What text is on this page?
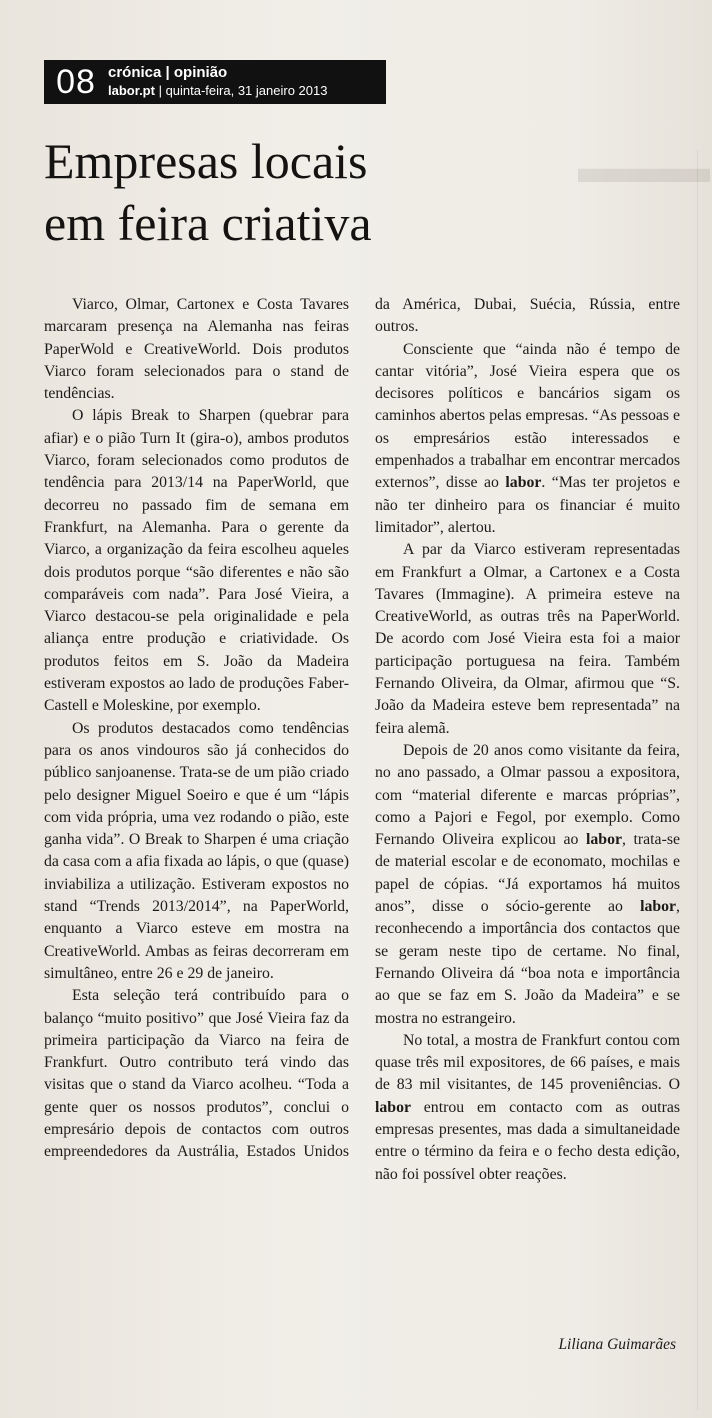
▬▬▬
08 crónica | opinião
labor.pt | quinta-feira, 31 janeiro 2013
Empresas locais
em feira criativa

Viarco, Olmar, Cartonex e Costa Tavares marcaram presença na Alemanha nas feiras PaperWold e CreativeWorld. Dois produtos Viarco foram selecionados para o stand de tendências.

O lápis Break to Sharpen (quebrar para afiar) e o pião Turn It (gira-o), ambos produtos Viarco, foram selecionados como produtos de tendência para 2013/14 na PaperWorld, que decorreu no passado fim de semana em Frankfurt, na Alemanha. Para o gerente da Viarco, a organização da feira escolheu aqueles dois produtos porque “são diferentes e não são comparáveis com nada”. Para José Vieira, a Viarco destacou-se pela originalidade e pela aliança entre produção e criatividade. Os produtos feitos em S. João da Madeira estiveram expostos ao lado de produções Faber-Castell e Moleskine, por exemplo.

Os produtos destacados como tendências para os anos vindouros são já conhecidos do público sanjoanense. Trata-se de um pião criado pelo designer Miguel Soeiro e que é um “lápis com vida própria, uma vez rodando o pião, este ganha vida”. O Break to Sharpen é uma criação da casa com a afia fixada ao lápis, o que (quase) inviabiliza a utilização. Estiveram expostos no stand “Trends 2013/2014”, na PaperWorld, enquanto a Viarco esteve em mostra na CreativeWorld. Ambas as feiras decorreram em simultâneo, entre 26 e 29 de janeiro.

Esta seleção terá contribuído para o balanço “muito positivo” que José Vieira faz da primeira participação da Viarco na feira de Frankfurt. Outro contributo terá vindo das visitas que o stand da Viarco acolheu. “Toda a gente quer os nossos produtos”, conclui o empresário depois de contactos com outros empreendedores da Austrália, Estados Unidos da América, Dubai, Suécia, Rússia, entre outros.

Consciente que “ainda não é tempo de cantar vitória”, José Vieira espera que os decisores políticos e bancários sigam os caminhos abertos pelas empresas. “As pessoas e os empresários estão interessados e empenhados a trabalhar em encontrar mercados externos”, disse ao labor. “Mas ter projetos e não ter dinheiro para os financiar é muito limitador”, alertou.

A par da Viarco estiveram representadas em Frankfurt a Olmar, a Cartonex e a Costa Tavares (Immagine). A primeira esteve na CreativeWorld, as outras três na PaperWorld. De acordo com José Vieira esta foi a maior participação portuguesa na feira. Também Fernando Oliveira, da Olmar, afirmou que “S. João da Madeira esteve bem representada” na feira alemã.

Depois de 20 anos como visitante da feira, no ano passado, a Olmar passou a expositora, com “material diferente e marcas próprias”, como a Pajori e Fegol, por exemplo. Como Fernando Oliveira explicou ao labor, trata-se de material escolar e de economato, mochilas e papel de cópias. “Já exportamos há muitos anos”, disse o sócio-gerente ao labor, reconhecendo a importância dos contactos que se geram neste tipo de certame. No final, Fernando Oliveira dá “boa nota e importância ao que se faz em S. João da Madeira” e se mostra no estrangeiro.

No total, a mostra de Frankfurt contou com quase três mil expositores, de 66 países, e mais de 83 mil visitantes, de 145 proveniências. O labor entrou em contacto com as outras empresas presentes, mas dada a simultaneidade entre o término da feira e o fecho desta edição, não foi possível obter reações.

Liliana Guimarães
